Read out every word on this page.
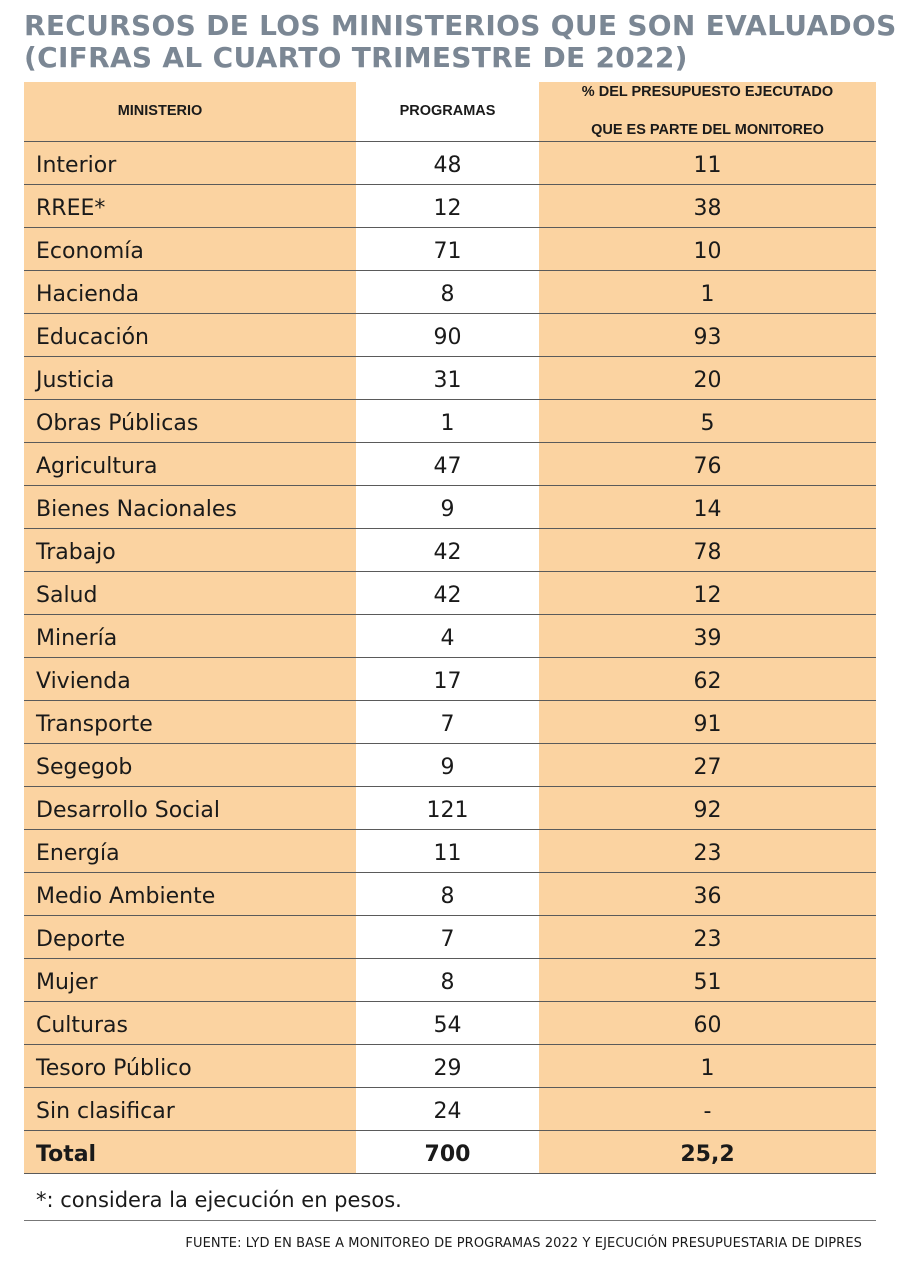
RECURSOS DE LOS MINISTERIOS QUE SON EVALUADOS
(CIFRAS AL CUARTO TRIMESTRE DE 2022)
MINISTERIO	PROGRAMAS
% DEL PRESUPUESTO EJECUTADO

QUE ES PARTE DEL MONITOREO
Interior	48	11
RREE*	12	38
Economía	71	10
Hacienda	8	1
Educación	90	93
Justicia	31	20
Obras Públicas	1	5
Agricultura	47	76
Bienes Nacionales	9	14
Trabajo	42	78
Salud	42	12
Minería	4	39
Vivienda	17	62
Transporte	7	91
Segegob	9	27
Desarrollo Social	121	92
Energía	11	23
Medio Ambiente	8	36
Deporte	7	23
Mujer	8	51
Culturas	54	60
Tesoro Público	29	1
Sin clasificar	24	-
Total	700	25,2
*: considera la ejecución en pesos.
FUENTE: LYD EN BASE A MONITOREO DE PROGRAMAS 2022 Y EJECUCIÓN PRESUPUESTARIA DE DIPRES
